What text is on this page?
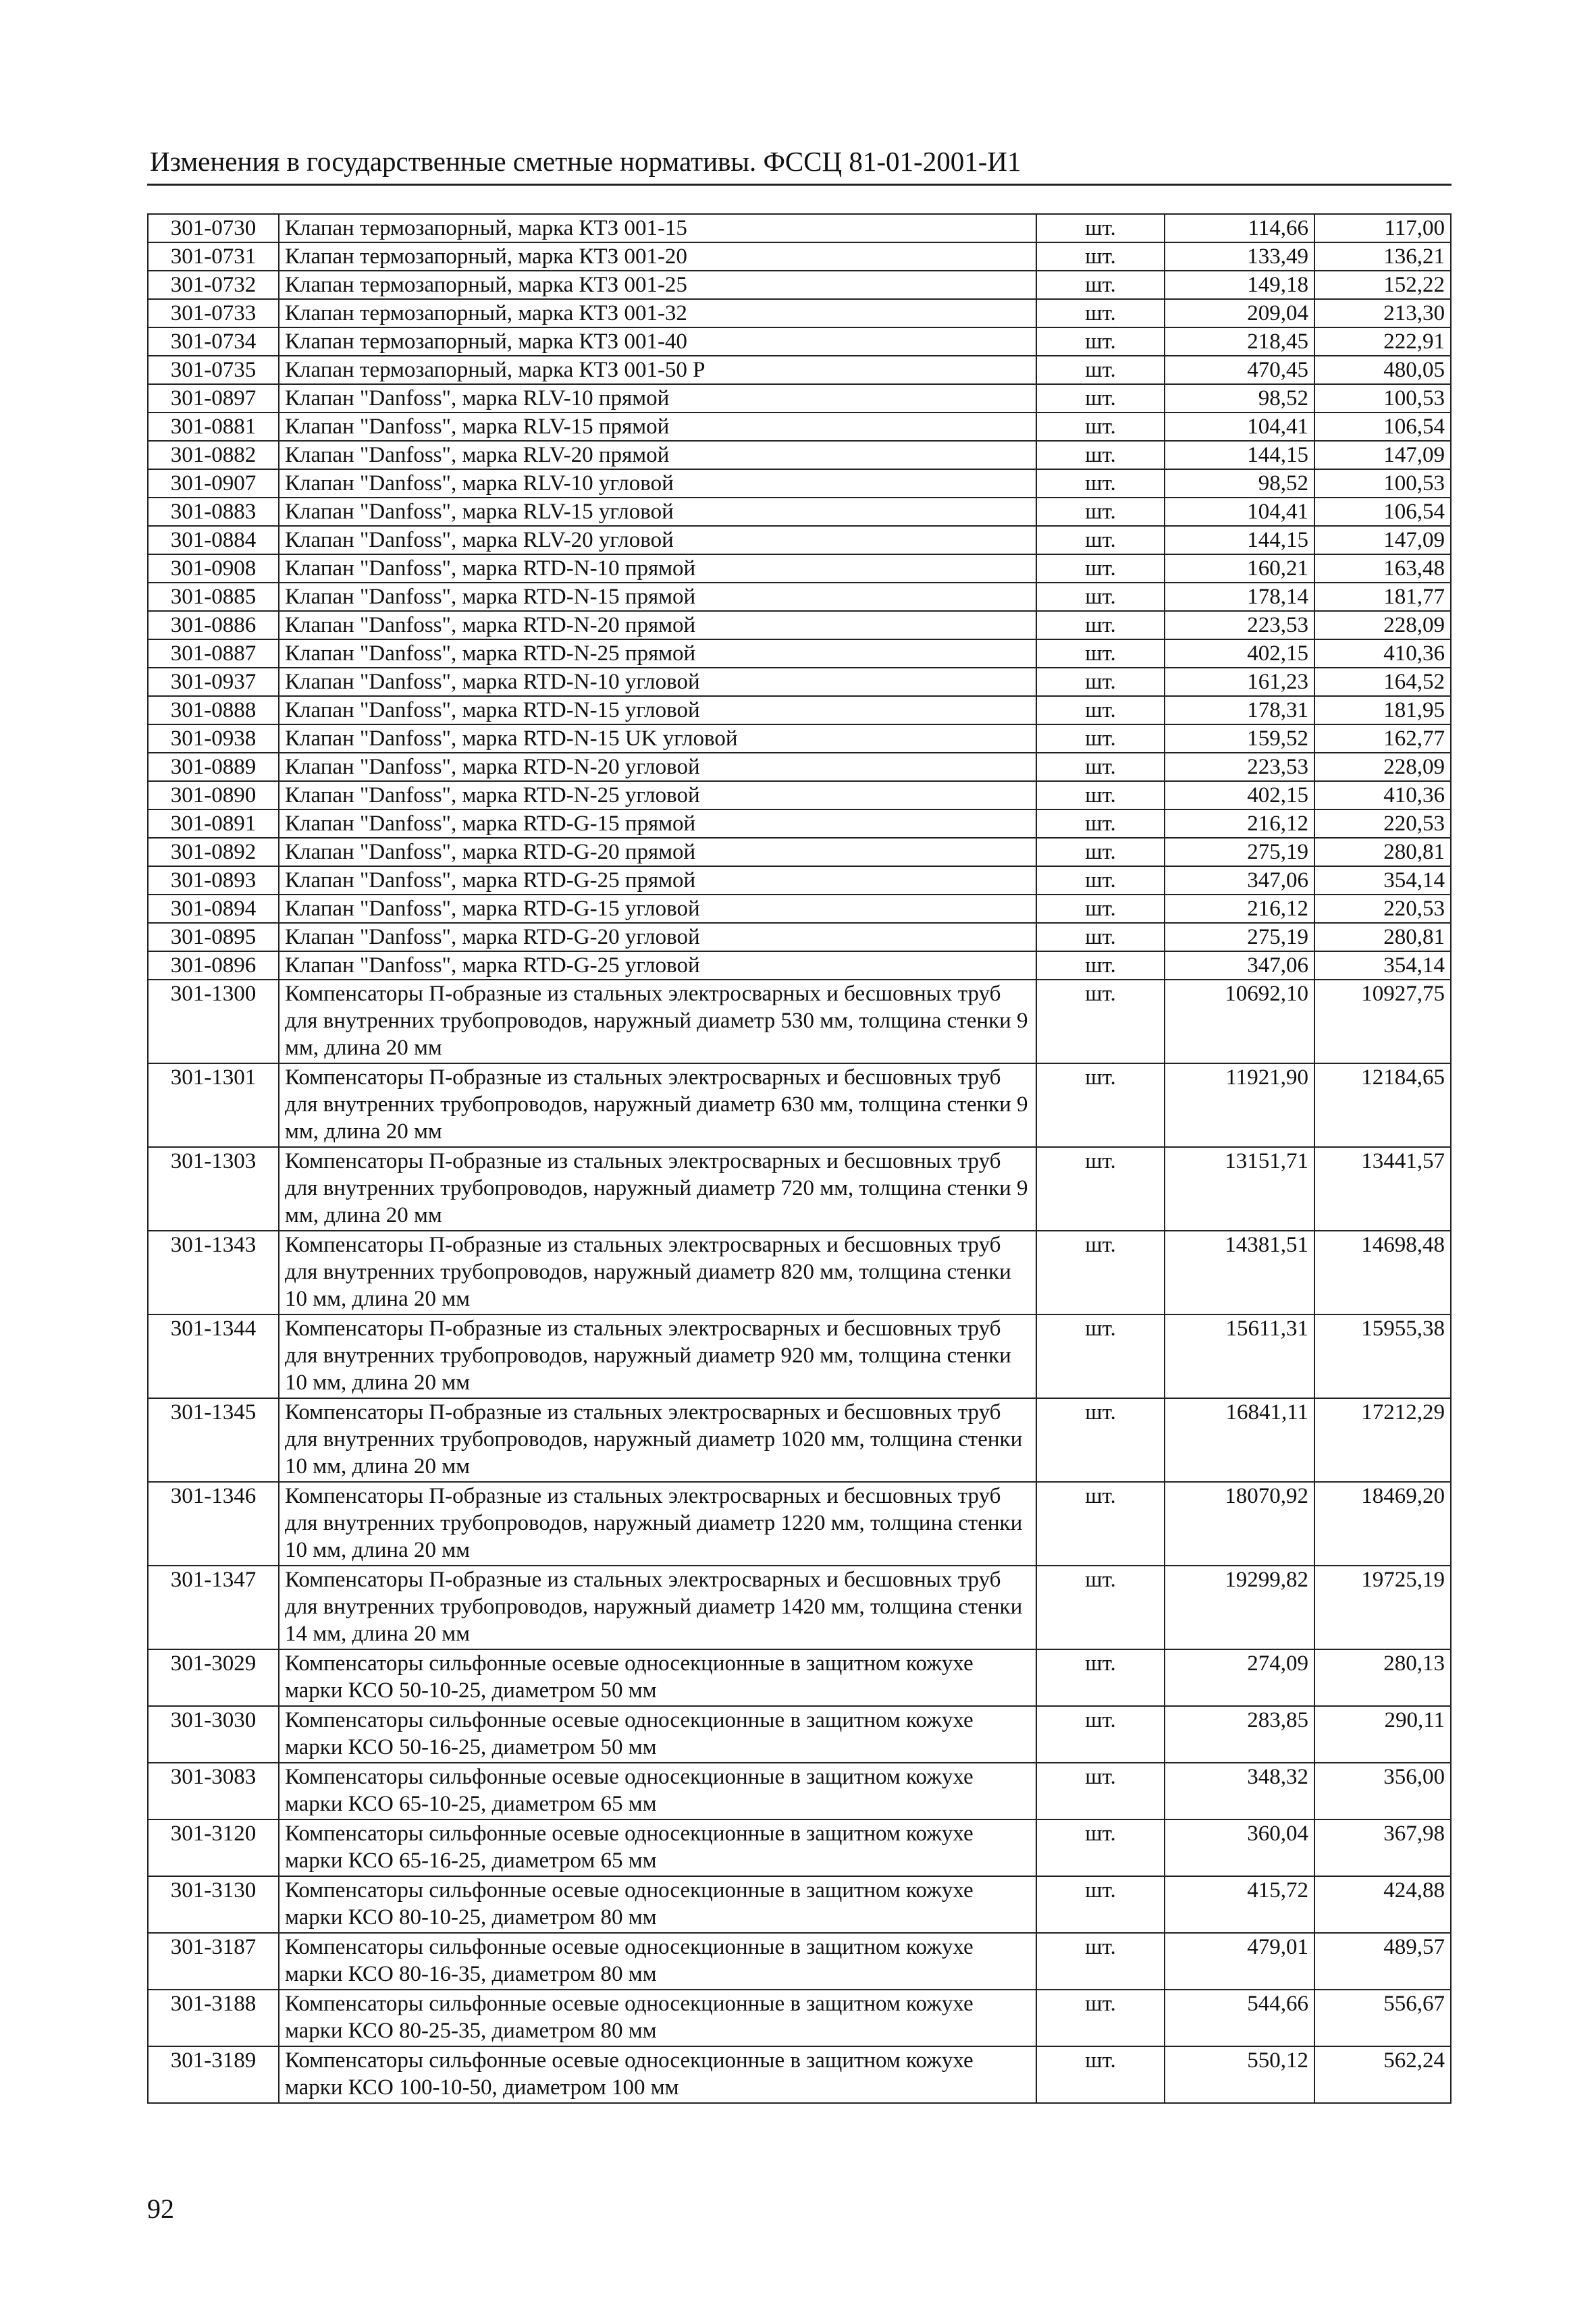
Изменения в государственные сметные нормативы. ФССЦ 81-01-2001-И1
301-0730	Клапан термозапорный, марка КТЗ 001-15	шт.	114,66	117,00
301-0731	Клапан термозапорный, марка КТЗ 001-20	шт.	133,49	136,21
301-0732	Клапан термозапорный, марка КТЗ 001-25	шт.	149,18	152,22
301-0733	Клапан термозапорный, марка КТЗ 001-32	шт.	209,04	213,30
301-0734	Клапан термозапорный, марка КТЗ 001-40	шт.	218,45	222,91
301-0735	Клапан термозапорный, марка КТЗ 001-50 Р	шт.	470,45	480,05
301-0897	Клапан "Danfoss", марка RLV-10 прямой	шт.	98,52	100,53
301-0881	Клапан "Danfoss", марка RLV-15 прямой	шт.	104,41	106,54
301-0882	Клапан "Danfoss", марка RLV-20 прямой	шт.	144,15	147,09
301-0907	Клапан "Danfoss", марка RLV-10 угловой	шт.	98,52	100,53
301-0883	Клапан "Danfoss", марка RLV-15 угловой	шт.	104,41	106,54
301-0884	Клапан "Danfoss", марка RLV-20 угловой	шт.	144,15	147,09
301-0908	Клапан "Danfoss", марка RTD-N-10 прямой	шт.	160,21	163,48
301-0885	Клапан "Danfoss", марка RTD-N-15 прямой	шт.	178,14	181,77
301-0886	Клапан "Danfoss", марка RTD-N-20 прямой	шт.	223,53	228,09
301-0887	Клапан "Danfoss", марка RTD-N-25 прямой	шт.	402,15	410,36
301-0937	Клапан "Danfoss", марка RTD-N-10 угловой	шт.	161,23	164,52
301-0888	Клапан "Danfoss", марка RTD-N-15 угловой	шт.	178,31	181,95
301-0938	Клапан "Danfoss", марка RTD-N-15 UK угловой	шт.	159,52	162,77
301-0889	Клапан "Danfoss", марка RTD-N-20 угловой	шт.	223,53	228,09
301-0890	Клапан "Danfoss", марка RTD-N-25 угловой	шт.	402,15	410,36
301-0891	Клапан "Danfoss", марка RTD-G-15 прямой	шт.	216,12	220,53
301-0892	Клапан "Danfoss", марка RTD-G-20 прямой	шт.	275,19	280,81
301-0893	Клапан "Danfoss", марка RTD-G-25 прямой	шт.	347,06	354,14
301-0894	Клапан "Danfoss", марка RTD-G-15 угловой	шт.	216,12	220,53
301-0895	Клапан "Danfoss", марка RTD-G-20 угловой	шт.	275,19	280,81
301-0896	Клапан "Danfoss", марка RTD-G-25 угловой	шт.	347,06	354,14
301-1300	Компенсаторы П-образные из стальных электросварных и бесшовных труб для внутренних трубопроводов, наружный диаметр 530 мм, толщина стенки 9 мм, длина 20 мм	шт.	10692,10	10927,75
301-1301	Компенсаторы П-образные из стальных электросварных и бесшовных труб для внутренних трубопроводов, наружный диаметр 630 мм, толщина стенки 9 мм, длина 20 мм	шт.	11921,90	12184,65
301-1303	Компенсаторы П-образные из стальных электросварных и бесшовных труб для внутренних трубопроводов, наружный диаметр 720 мм, толщина стенки 9 мм, длина 20 мм	шт.	13151,71	13441,57
301-1343	Компенсаторы П-образные из стальных электросварных и бесшовных труб для внутренних трубопроводов, наружный диаметр 820 мм, толщина стенки 10 мм, длина 20 мм	шт.	14381,51	14698,48
301-1344	Компенсаторы П-образные из стальных электросварных и бесшовных труб для внутренних трубопроводов, наружный диаметр 920 мм, толщина стенки 10 мм, длина 20 мм	шт.	15611,31	15955,38
301-1345	Компенсаторы П-образные из стальных электросварных и бесшовных труб для внутренних трубопроводов, наружный диаметр 1020 мм, толщина стенки 10 мм, длина 20 мм	шт.	16841,11	17212,29
301-1346	Компенсаторы П-образные из стальных электросварных и бесшовных труб для внутренних трубопроводов, наружный диаметр 1220 мм, толщина стенки 10 мм, длина 20 мм	шт.	18070,92	18469,20
301-1347	Компенсаторы П-образные из стальных электросварных и бесшовных труб для внутренних трубопроводов, наружный диаметр 1420 мм, толщина стенки 14 мм, длина 20 мм	шт.	19299,82	19725,19
301-3029	Компенсаторы сильфонные осевые односекционные в защитном кожухе марки КСО 50-10-25, диаметром 50 мм	шт.	274,09	280,13
301-3030	Компенсаторы сильфонные осевые односекционные в защитном кожухе марки КСО 50-16-25, диаметром 50 мм	шт.	283,85	290,11
301-3083	Компенсаторы сильфонные осевые односекционные в защитном кожухе марки КСО 65-10-25, диаметром 65 мм	шт.	348,32	356,00
301-3120	Компенсаторы сильфонные осевые односекционные в защитном кожухе марки КСО 65-16-25, диаметром 65 мм	шт.	360,04	367,98
301-3130	Компенсаторы сильфонные осевые односекционные в защитном кожухе марки КСО 80-10-25, диаметром 80 мм	шт.	415,72	424,88
301-3187	Компенсаторы сильфонные осевые односекционные в защитном кожухе марки КСО 80-16-35, диаметром 80 мм	шт.	479,01	489,57
301-3188	Компенсаторы сильфонные осевые односекционные в защитном кожухе марки КСО 80-25-35, диаметром 80 мм	шт.	544,66	556,67
301-3189	Компенсаторы сильфонные осевые односекционные в защитном кожухе марки КСО 100-10-50, диаметром 100 мм	шт.	550,12	562,24
92
